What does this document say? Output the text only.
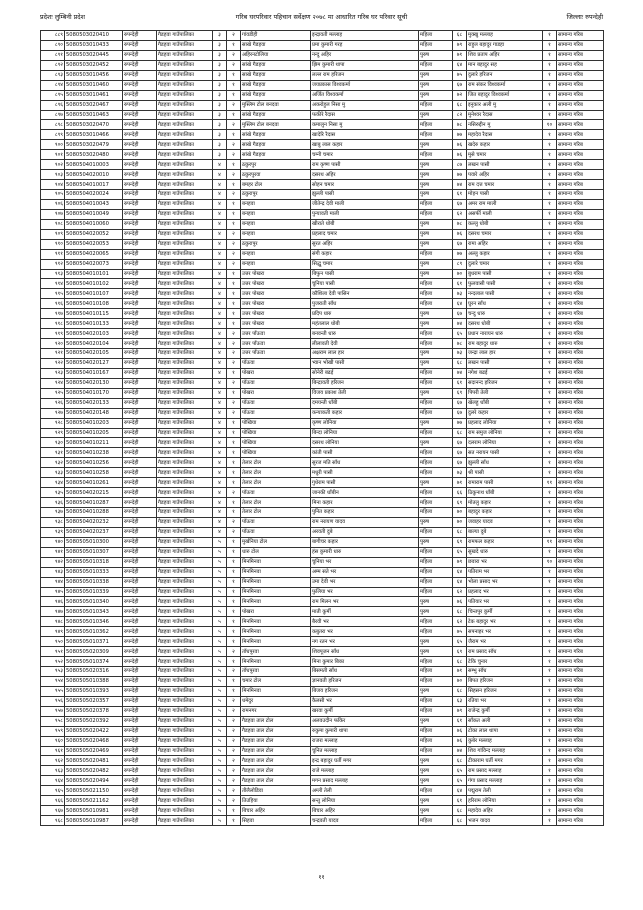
प्रदेशः लुम्बिनी प्रदेश	गरिब घरपरिवार पहिचान सर्वेक्षण २०७८ मा आधारित गरिब घर परिवार सूची	जिल्लाः रुपन्देही
८८९	5080503020410	रुपन्देही	गैडहवा गाउँपालिका	३	२	गांवडीही	इन्द्रावती मल्लाह	महिला	६८	मुक्खु मल्लाह	१	सामान्य गरिब
८९०	5080503010433	रुपन्देही	गैडहवा गाउँपालिका	३	१	साखे गैडहवा	प्रमा कुमारी गरह	महिला	७९	राहुल बहादुर गाडहा	१	सामान्य गरिब
८९१	5080503020445	रुपन्देही	गैडहवा गाउँपालिका	३	२	अहिरनटोलिया	नन्दु अहिर	पुरुष	७१	शिव प्रताप अहिर	१	सामान्य गरिब
८९२	5080503020452	रुपन्देही	गैडहवा गाउँपालिका	३	२	सांखे गैडहवा	झिम कुमारी थापा	महिला	६४	मान बहादुर सह	१	सामान्य गरिब
८९३	5080503010456	रुपन्देही	गैडहवा गाउँपालिका	३	१	साखे गैडहवा	लल्ल राम हरिजन	पुरुष	७५	दुलारे हरिजन	१	सामान्य गरिब
८९४	5080503010460	रुपन्देही	गैडहवा गाउँपालिका	३	१	साखे गैडहवा	जयप्रकास विश्वकर्मा	पुरुष	६७	राम संकर विश्वकर्मा	१	सामान्य गरिब
८९५	5080503010461	रुपन्देही	गैडहवा गाउँपालिका	३	१	सांखे गैडहवा	अर्जित विश्वकर्मा	पुरुष	७२	जित बहादुर विश्वकर्मा	१	सामान्य गरिब
८९६	5080503020467	रुपन्देही	गैडहवा गाउँपालिका	३	२	मुस्लिम टोल बनदवा	अकरोहुल निसा मु	महिला	६८	इनुकार अली मु	१	सामान्य गरिब
८९७	5080503010463	रुपन्देही	गैडहवा गाउँपालिका	३	१	सांखे गैडहवा	फकीरे रैदास	पुरुष	८२	मुनेश्वर रैदास	१	सामान्य गरिब
८९८	5080503020470	रुपन्देही	गैडहवा गाउँपालिका	३	२	मुस्लिम टोल बनदवा	कमालुन निसा मु	महिला	७८	नसिरुद्दीन मु	१०	सामान्य गरिब
८९९	5080503010466	रुपन्देही	गैडहवा गाउँपालिका	३	१	सांखे गैडहवा	खादेरि रैदास	महिला	७७	महादेव रैदास	१	सामान्य गरिब
९००	5080503020479	रुपन्देही	गैडहवा गाउँपालिका	३	२	साखे गैडहवा	खाबु लाल कहार	पुरुष	७६	खदेरु कहार	१	सामान्य गरिब
९०१	5080503020480	रुपन्देही	गैडहवा गाउँपालिका	३	२	सांखे गैडहवा	चम्नी चमार	महिला	७६	मुसे चमार	१	सामान्य गरिब
९०२	5080504010003	रुपन्देही	गैडहवा गाउँपालिका	४	१	ठकुरपुर	राम कृष्ण पासी	पुरुष	८७	लखन पासी	१	सामान्य गरिब
९०३	5080504020010	रुपन्देही	गैडहवा गाउँपालिका	४	२	ठकुरपुरवा	दसरथ अहिर	पुरुष	७७	पवारे अहिर	१	सामान्य गरिब
९०४	5080504010017	रुपन्देही	गैडहवा गाउँपालिका	४	१	बमहर टोल	सोहन चमार	पुरुष	७४	राम दत्त चमार	१	सामान्य गरिब
९०५	5080504020024	रुपन्देही	गैडहवा गाउँपालिका	४	२	ठकुरापुर	झुल्ली पासी	पुरुष	६१	मोहन पासी	१	सामान्य गरिब
९०६	5080504010043	रुपन्देही	गैडहवा गाउँपालिका	४	१	बनहवा	जीतेन्द्र देवी माली	महिला	६७	अमर राम माली	१	सामान्य गरिब
९०७	5080504010049	रुपन्देही	गैडहवा गाउँपालिका	४	१	बनहवा	पुन्यावती माली	महिला	६२	असर्फी माली	१	सामान्य गरिब
९०८	5080504010060	रुपन्देही	गैडहवा गाउँपालिका	४	१	बनहवा	खीराते धोबी	पुरुष	७८	कल्लु धोबी	१	सामान्य गरिब
९०९	5080504020052	रुपन्देही	गैडहवा गाउँपालिका	४	२	बनहवा	प्रहलाद चमार	पुरुष	७६	दसरथ चमार	१	सामान्य गरिब
९१०	5080504020053	रुपन्देही	गैडहवा गाउँपालिका	४	२	ठकुरापुर	सुरत अहिर	पुरुष	६७	रामा अहिर	१	सामान्य गरिब
९११	5080504020065	रुपन्देही	गैडहवा गाउँपालिका	४	२	बनहवा	संगी कहार	महिला	७७	अल्लु कहार	१	सामान्य गरिब
९१२	5080504020073	रुपन्देही	गैडहवा गाउँपालिका	४	२	बनहवा	सिद्धु चमार	पुरुष	८९	दुलारे चमार	१	सामान्य गरिब
९१३	5080504010101	रुपन्देही	गैडहवा गाउँपालिका	४	१	उत्तर पोखरा	बिफुन पासी	पुरुष	७०	बुधराम पासी	१	सामान्य गरिब
९१४	5080504010102	रुपन्देही	गैडहवा गाउँपालिका	४	१	उत्तर पोखरा	चुनिया पासी	महिला	६१	फुलवासी पासी	१	सामान्य गरिब
९१५	5080504010107	रुपन्देही	गैडहवा गाउँपालिका	४	१	उत्तर पोखरा	कौशिला देवी पासिन	महिला	७३	नन्दलाल पासी	१	सामान्य गरिब
९१६	5080504010108	रुपन्देही	गैडहवा गाउँपालिका	४	१	उत्तर पोखरा	पुजराती साँध	महिला	६४	घुरन साँध	१	सामान्य गरिब
९१७	5080504010115	रुपन्देही	गैडहवा गाउँपालिका	४	१	उत्तर पोखरा	प्रदिप धारु	पुरुष	६७	चन्दु धारु	१	सामान्य गरिब
९१८	5080504010133	रुपन्देही	गैडहवा गाउँपालिका	४	१	उत्तर पोखरा	महंतलाल धोबी	पुरुष	७४	दसरथ धोबी	१	सामान्य गरिब
९१९	5080504020103	रुपन्देही	गैडहवा गाउँपालिका	४	२	उत्तर पाँऊवा	बनवन्ती धारु	महिला	६५	प्रधान नारायन धारु	१	सामान्य गरिब
९२०	5080504020104	रुपन्देही	गैडहवा गाउँपालिका	४	२	उत्तर पाँऊवा	लीलावती देवी	महिला	७८	राम बहादुर धारु	१	सामान्य गरिब
९२१	5080504020105	रुपन्देही	गैडहवा गाउँपालिका	४	२	उत्तर पाँऊवा	अक्षराम लाल हार	पुरुष	७३	जन्द्रा लाल हार	१	सामान्य गरिब
९२२	5080504020127	रुपन्देही	गैडहवा गाउँपालिका	४	२	पाँऊवा	भ्वान भोखी पासी	पुरुष	६८	लखन पासी	१	सामान्य गरिब
९२३	5080504010167	रुपन्देही	गैडहवा गाउँपालिका	४	१	पोखरा	सोनेरी बढई	महिला	७४	नगेश बढई	१	सामान्य गरिब
९२४	5080504020130	रुपन्देही	गैडहवा गाउँपालिका	४	२	पाँऊवा	बिन्द्रावती हरिजन	महिला	६१	सदानन्द हरिजन	१	सामान्य गरिब
९२५	5080504010170	रुपन्देही	गैडहवा गाउँपालिका	४	१	पोखरा	विजय प्रकाश तेली	पुरुष	६९	पिपरी तेली	१	सामान्य गरिब
९२६	5080504020133	रुपन्देही	गैडहवा गाउँपालिका	४	२	पाँऊवा	दमयन्ती धाँबी	महिला	६७	खेलहु धाँबी	१	सामान्य गरिब
९२७	5080504020148	रुपन्देही	गैडहवा गाउँपालिका	४	२	पाँऊवा	कन्याकती कहार	महिला	६७	दुलरे कहार	१	सामान्य गरिब
९२८	5080504010203	रुपन्देही	गैडहवा गाउँपालिका	४	१	पोखिया	कृष्ण लोनिया	पुरुष	७७	प्रहलाद लोनिया	१	सामान्य गरिब
९२९	5080504010205	रुपन्देही	गैडहवा गाउँपालिका	४	१	पोखिया	बिन्दा लोनिया	महिला	६८	राम समुज लोनिया	१	सामान्य गरिब
९३०	5080504010211	रुपन्देही	गैडहवा गाउँपालिका	४	१	पोखिया	दसरथ लोनिया	पुरुष	६७	दलराम लोनिया	१	सामान्य गरिब
९३१	5080504010238	रुपन्देही	गैडहवा गाउँपालिका	४	१	पोखिया	कांती पासी	महिला	६७	सत नरायन पासी	१	सामान्य गरिब
९३२	5080504010256	रुपन्देही	गैडहवा गाउँपालिका	४	१	तेलार टोल	सुरज मति साँध	महिला	६७	झुल्ली साँध	१	सामान्य गरिब
९३३	5080504010258	रुपन्देही	गैडहवा गाउँपालिका	४	१	तेलार टोल	मधुरी पासी	महिला	७३	श्री पासी	१	सामान्य गरिब
९३४	5080504010261	रुपन्देही	गैडहवा गाउँपालिका	४	१	तेलार टोल	गुधेराम पासी	पुरुष	७१	रामाराम पासी	११	सामान्य गरिब
९३५	5080504020215	रुपन्देही	गैडहवा गाउँपालिका	४	२	पाँऊवा	जानकी धाँबीन	महिला	६६	ठिकुनाथ धाँबी	१	सामान्य गरिब
९३६	5080504010287	रुपन्देही	गैडहवा गाउँपालिका	४	१	तेलार टोल	मिना कहार	महिला	६९	मोतलु कहार	१	सामान्य गरिब
९३७	5080504010288	रुपन्देही	गैडहवा गाउँपालिका	४	१	तेलार टोल	पुनित कहार	महिला	७०	बहादुर कहार	१	सामान्य गरिब
९३८	5080504020232	रुपन्देही	गैडहवा गाउँपालिका	४	२	पाँऊवा	राम नरायण यादव	पुरुष	७०	जवाहर यादव	१	सामान्य गरिब
९३९	5080504020237	रुपन्देही	गैडहवा गाउँपालिका	४	२	पाँऊवा	अरवती दुबे	महिला	६८	बाल्या दुबे	१	सामान्य गरिब
९४०	5080505010300	रुपन्देही	गैडहवा गाउँपालिका	५	१	मुर्खनिया टोल	बागीचर कहार	पुरुष	६९	रामफल कहार	११	सामान्य गरिब
९४१	5080505010307	रुपन्देही	गैडहवा गाउँपालिका	५	१	धारु टोल	हंस कुमारी धारु	महिला	६५	सुखदे धारु	१	सामान्य गरिब
९४२	5080505010318	रुपन्देही	गैडहवा गाउँपालिका	५	१	मिनमिनवा	चुनिया भर	महिला	७९	छवारा भर	१०	सामान्य गरिब
९४३	5080505010333	रुपन्देही	गैडहवा गाउँपालिका	५	१	मिनमिनवा	अम्म सते भर	महिला	६४	पतिराम भर	१	सामान्य गरिब
९४४	5080505010338	रुपन्देही	गैडहवा गाउँपालिका	५	१	मिनमिनवा	उमा देवी भर	महिला	६४	भोला प्रसाद भर	१	सामान्य गरिब
९४५	5080505010339	रुपन्देही	गैडहवा गाउँपालिका	५	१	मिनमिनवा	फुलिया भर	महिला	६२	प्रहलाद भर	१	सामान्य गरिब
९४६	5080505010340	रुपन्देही	गैडहवा गाउँपालिका	५	१	मिनमिनवा	राम मिलन भर	पुरुष	७६	पतियार भर	१	सामान्य गरिब
९४७	5080505010343	रुपन्देही	गैडहवा गाउँपालिका	५	१	पोखरा	माती कुर्मी	पुरुष	६८	चिन्तपुर कुर्मी	१	सामान्य गरिब
९४८	5080505010346	रुपन्देही	गैडहवा गाउँपालिका	५	१	मिनमिनवा	बैरवी भर	महिला	६२	टेक बहादुर भर	१	सामान्य गरिब
९४९	5080505010362	रुपन्देही	गैडहवा गाउँपालिका	५	१	मिनमिनवा	कबुतरा भर	महिला	७५	सपनाहर भर	१	सामान्य गरिब
९५०	5080505010371	रुपन्देही	गैडहवा गाउँपालिका	५	१	मिनमिनवा	नग रतन भर	पुरुष	६५	जैराम भर	१	सामान्य गरिब
९५१	5080505020309	रुपन्देही	गैडहवा गाउँपालिका	५	२	ताँधपुरवा	शिवपूजन साँध	पुरुष	६९	राम प्रसाद साँध	१	सामान्य गरिब
९५२	5080505010374	रुपन्देही	गैडहवा गाउँपालिका	५	१	मिनमिनवा	मिना कुमार बिका	महिला	६८	टेकि चुनार	१	सामान्य गरिब
९५३	5080505020316	रुपन्देही	गैडहवा गाउँपालिका	५	२	ताँधपुरवा	बिसमती साँध	महिला	७१	सम्भु साँध	१	सामान्य गरिब
९५४	5080505010388	रुपन्देही	गैडहवा गाउँपालिका	५	१	चमार टोल	ज्ञानवती हरिजन	महिला	७०	बिपत हरिजन	१	सामान्य गरिब
९५५	5080505010393	रुपन्देही	गैडहवा गाउँपालिका	५	१	मिनमिनवा	बिजय हरिजन	पुरुष	६८	सिहसन हरिजन	१	सामान्य गरिब
९५६	5080505020357	रुपन्देही	गैडहवा गाउँपालिका	५	२	धमेदुर	कैलसी भर	महिला	६३	रतिया भर	१	सामान्य गरिब
९५७	5080505020378	रुपन्देही	गैडहवा गाउँपालिका	५	२	रामनगर	खरवा कुर्मी	महिला	७९	राजेन्द्र कुर्मी	१	सामान्य गरिब
९५८	5080505020392	रुपन्देही	गैडहवा गाउँपालिका	५	२	गैडहवा ताल टोल	अलवउदीन फकिर	पुरुष	६१	साँकत अली	१	सामान्य गरिब
९५९	5080505020422	रुपन्देही	गैडहवा गाउँपालिका	५	२	गैडहवा ताल टोल	रुकुमा कुमारी थापा	महिला	७६	टोका लाल थापा	१	सामान्य गरिब
९६०	5080505020468	रुपन्देही	गैडहवा गाउँपालिका	५	२	गैडहवा ताल टोल	राजरा मल्लाह	महिला	७६	कुबेर मल्लाह	१	सामान्य गरिब
९६१	5080505020469	रुपन्देही	गैडहवा गाउँपालिका	५	२	गैडहवा ताल टोल	चुनित मल्लाह	महिला	७४	शिव गांविन्द मल्लाह	१	सामान्य गरिब
९६२	5080505020481	रुपन्देही	गैडहवा गाउँपालिका	५	२	गैडहवा ताल टोल	इन्द्र बहादुर घर्ती मगर	पुरुष	६८	टीकाराम घर्ती मगर	१	सामान्य गरिब
९६३	5080505020482	रुपन्देही	गैडहवा गाउँपालिका	५	२	गैडहवा ताल टोल	राजे मल्लाह	पुरुष	६५	राम प्रसाद मल्लाह	१	सामान्य गरिब
९६४	5080505020494	रुपन्देही	गैडहवा गाउँपालिका	५	२	गैडहवा ताल टोल	मगन प्रसाद मल्लाह	पुरुष	६५	गंगा प्रसाद मल्लाह	१	सामान्य गरिब
९६५	5080505021150	रुपन्देही	गैडहवा गाउँपालिका	५	२	तीलैलोडिवा	अग्ली तेली	महिला	६४	पद्मुराम तेली	१	सामान्य गरिब
९६६	5080505021162	रुपन्देही	गैडहवा गाउँपालिका	५	२	तिउहिया	सन्तु लोनिया	पुरुष	६१	हरिराम लोनिया	१	सामान्य गरिब
९६७	5080505010981	रुपन्देही	गैडहवा गाउँपालिका	५	१	बिचार अहिर	बिचार अहिर	पुरुष	६८	महादेव अहिर	१	सामान्य गरिब
९६८	5080505010987	रुपन्देही	गैडहवा गाउँपालिका	५	१	सिहवा	चन्द्रवती यादव	महिला	६८	भजन यादव	१	सामान्य गरिब
११
